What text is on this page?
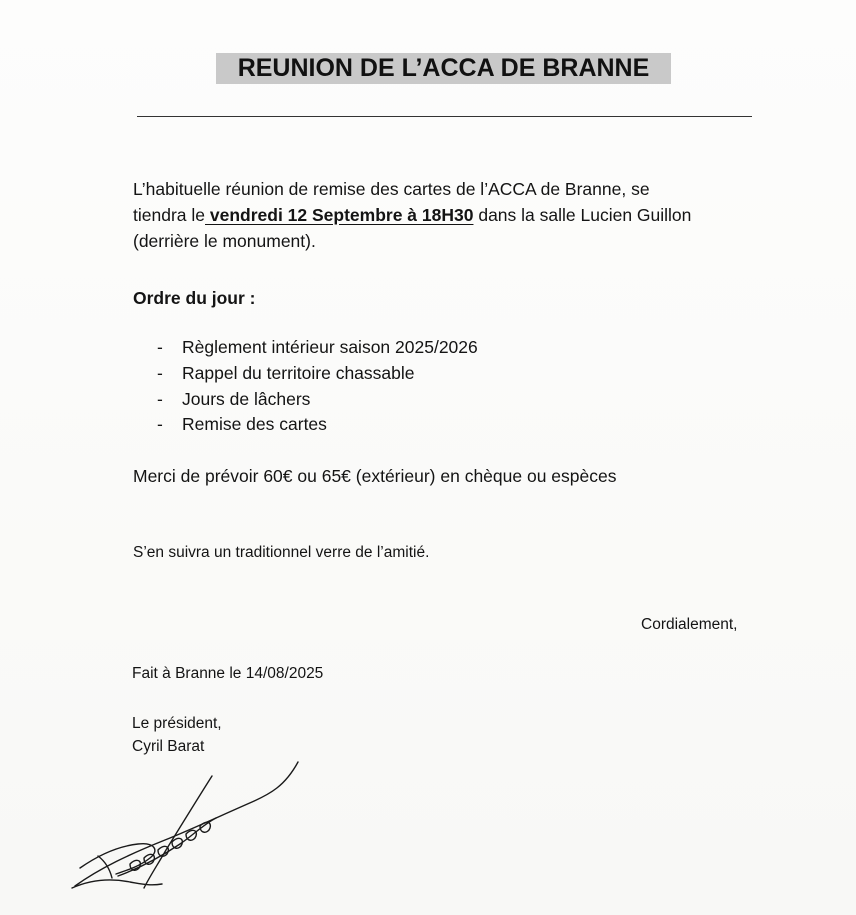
REUNION DE L’ACCA DE BRANNE
L’habituelle réunion de remise des cartes de l’ACCA de Branne, se
tiendra le vendredi 12 Septembre à 18H30 dans la salle Lucien Guillon
(derrière le monument).
Ordre du jour :
- Règlement intérieur saison 2025/2026
- Rappel du territoire chassable
- Jours de lâchers
- Remise des cartes
Merci de prévoir 60€ ou 65€ (extérieur) en chèque ou espèces
S’en suivra un traditionnel verre de l’amitié.
Cordialement,
Fait à Branne le 14/08/2025
Le président,
Cyril Barat
